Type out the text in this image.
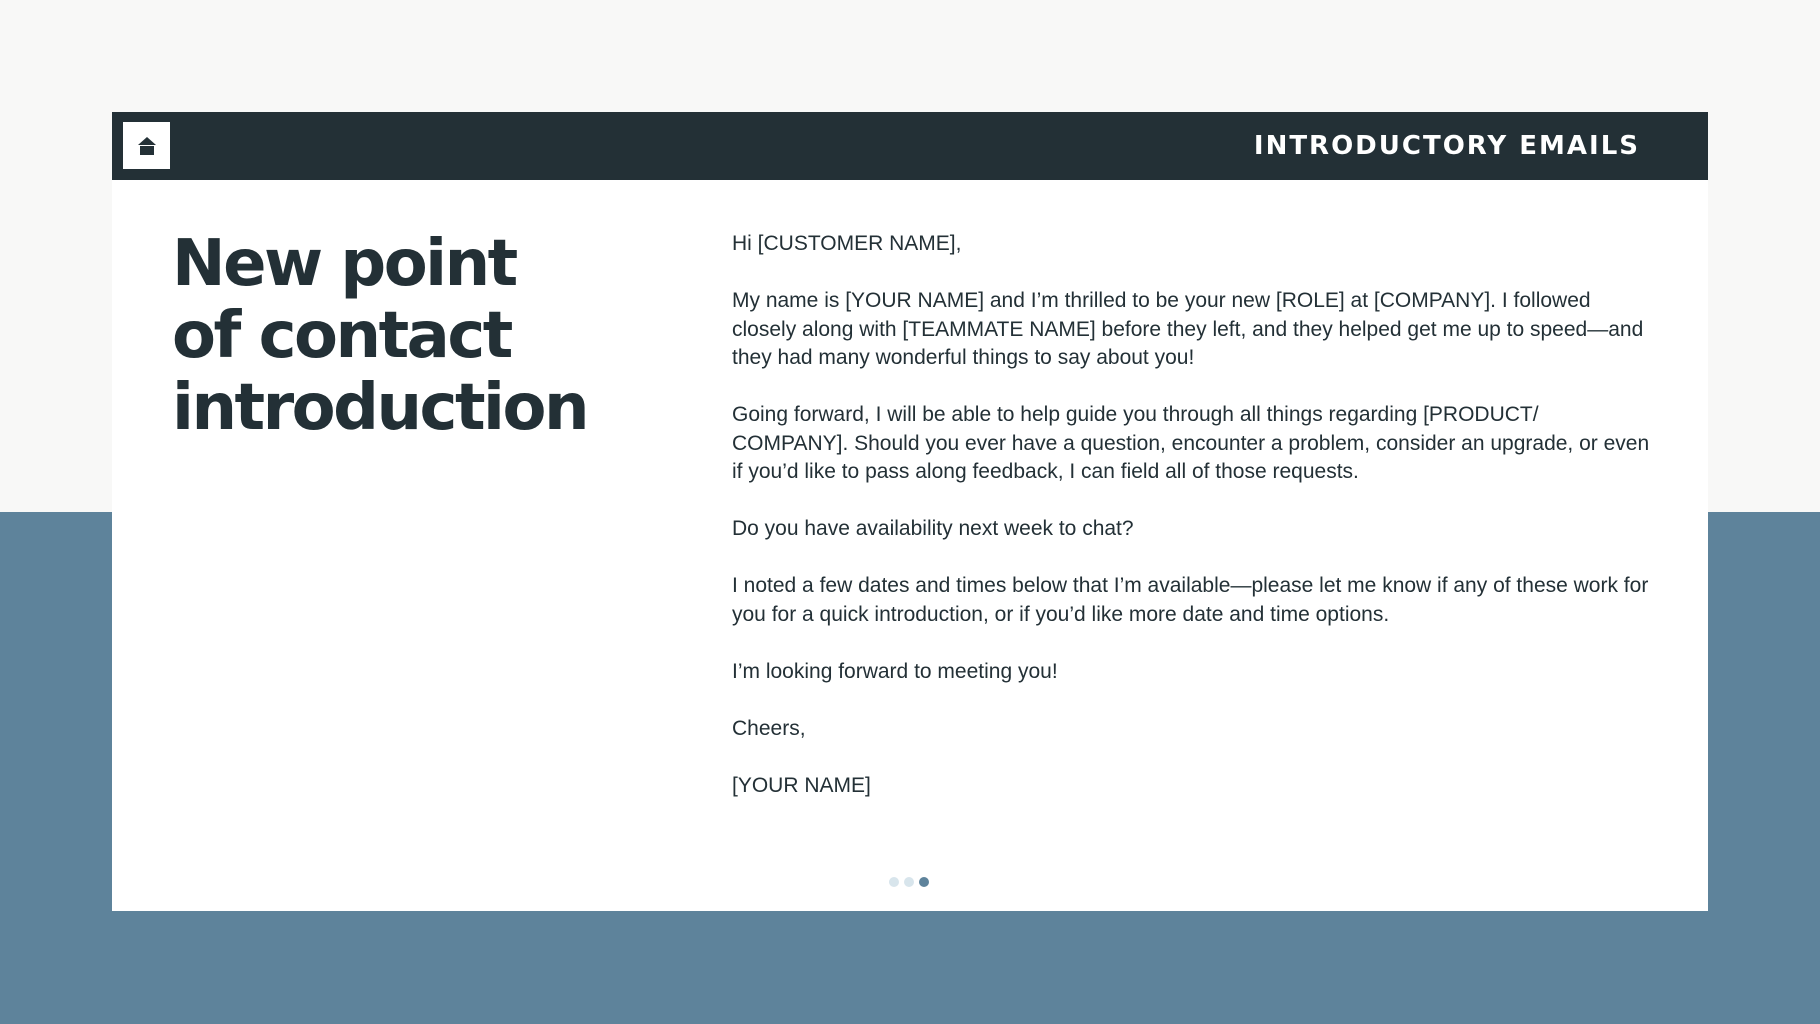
INTRODUCTORY EMAILS
New point
of contact
introduction

Hi [CUSTOMER NAME],

My name is [YOUR NAME] and I’m thrilled to be your new [ROLE] at [COMPANY]. I followed closely along with [TEAMMATE NAME] before they left, and they helped get me up to speed—and they had many wonderful things to say about you!

Going forward, I will be able to help guide you through all things regarding [PRODUCT/ COMPANY]. Should you ever have a question, encounter a problem, consider an upgrade, or even if you’d like to pass along feedback, I can field all of those requests.

Do you have availability next week to chat?

I noted a few dates and times below that I’m available—please let me know if any of these work for you for a quick introduction, or if you’d like more date and time options.

I’m looking forward to meeting you!

Cheers,

[YOUR NAME]
